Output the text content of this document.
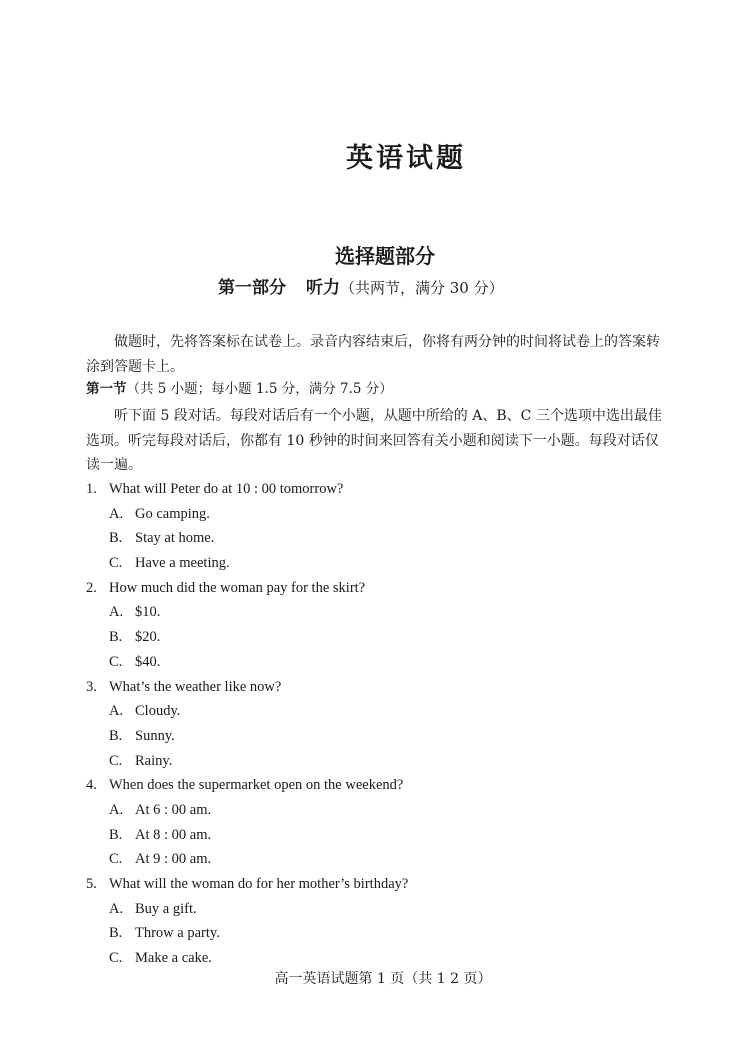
英语试题
选择题部分
第一部分 听力（共两节，满分 30 分）

做题时，先将答案标在试卷上。录音内容结束后，你将有两分钟的时间将试卷上的答案转涂到答题卡上。

第一节（共 5 小题；每小题 1.5 分，满分 7.5 分）

听下面 5 段对话。每段对话后有一个小题，从题中所给的 A、B、C 三个选项中选出最佳选项。听完每段对话后，你都有 10 秒钟的时间来回答有关小题和阅读下一小题。每段对话仅读一遍。

1. What will Peter do at 10 : 00 tomorrow?
A. Go camping.
B. Stay at home.
C. Have a meeting.
2. How much did the woman pay for the skirt?
A. $10.
B. $20.
C. $40.
3. What’s the weather like now?
A. Cloudy.
B. Sunny.
C. Rainy.
4. When does the supermarket open on the weekend?
A. At 6 : 00 am.
B. At 8 : 00 am.
C. At 9 : 00 am.
5. What will the woman do for her mother’s birthday?
A. Buy a gift.
B. Throw a party.
C. Make a cake.
高一英语试题第 1 页（共 1 2 页）
